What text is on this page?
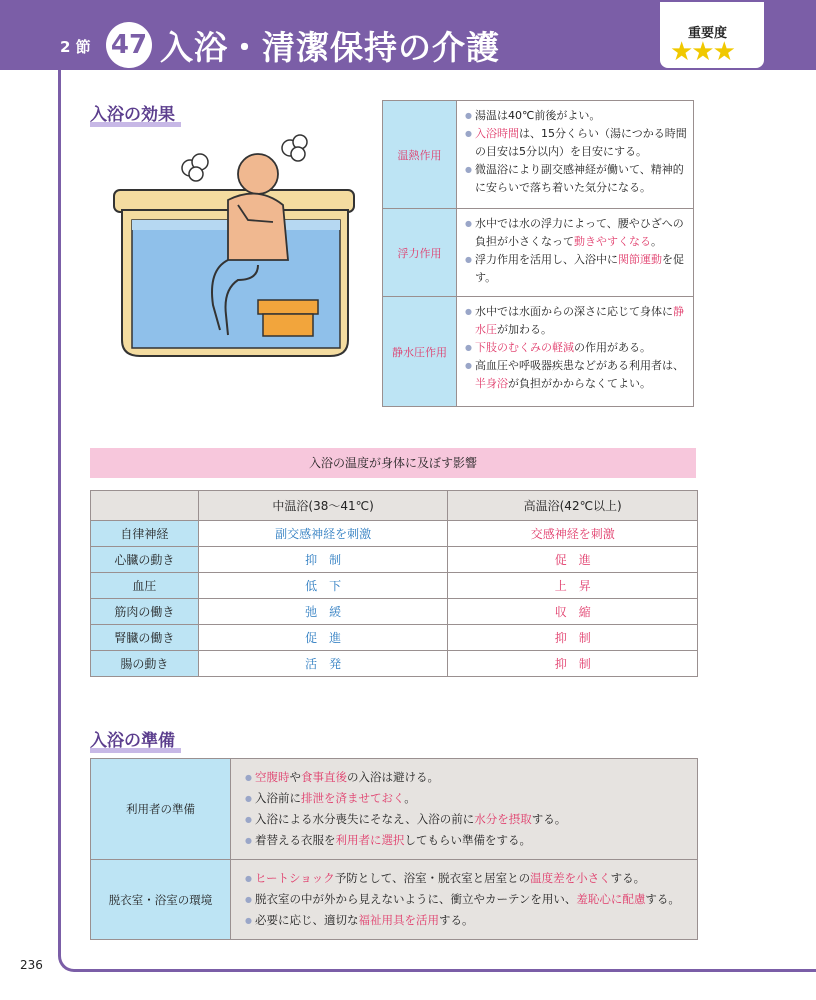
2 節 47 入浴・清潔保持の介護	重要度
★★★
236
入浴の効果
温熱作用	● 湯温は40℃前後がよい。

● 入浴時間は、15分くらい（湯につかる時間の目安は5分以内）を目安にする。

● 微温浴により副交感神経が働いて、精神的に安らいで落ち着いた気分になる。

浮力作用	● 水中では水の浮力によって、腰やひざへの負担が小さくなって動きやすくなる。

● 浮力作用を活用し、入浴中に関節運動を促す。

静水圧作用	● 水中では水面からの深さに応じて身体に静水圧が加わる。

● 下肢のむくみの軽減の作用がある。

● 高血圧や呼吸器疾患などがある利用者は、半身浴が負担がかからなくてよい。

入浴の温度が身体に及ぼす影響
	中温浴(38〜41℃)	高温浴(42℃以上)
自律神経	副交感神経を刺激	交感神経を刺激
心臓の動き	抑　制	促　進
血圧	低　下	上　昇
筋肉の働き	弛　緩	収　縮
腎臓の働き	促　進	抑　制
腸の動き	活　発	抑　制
入浴の準備
利用者の準備	● 空腹時や食事直後の入浴は避ける。

● 入浴前に排泄を済ませておく。

● 入浴による水分喪失にそなえ、入浴の前に水分を摂取する。

● 着替える衣服を利用者に選択してもらい準備をする。

脱衣室・浴室の環境	● ヒートショック予防として、浴室・脱衣室と居室との温度差を小さくする。

● 脱衣室の中が外から見えないように、衝立やカーテンを用い、羞恥心に配慮する。

● 必要に応じ、適切な福祉用具を活用する。
